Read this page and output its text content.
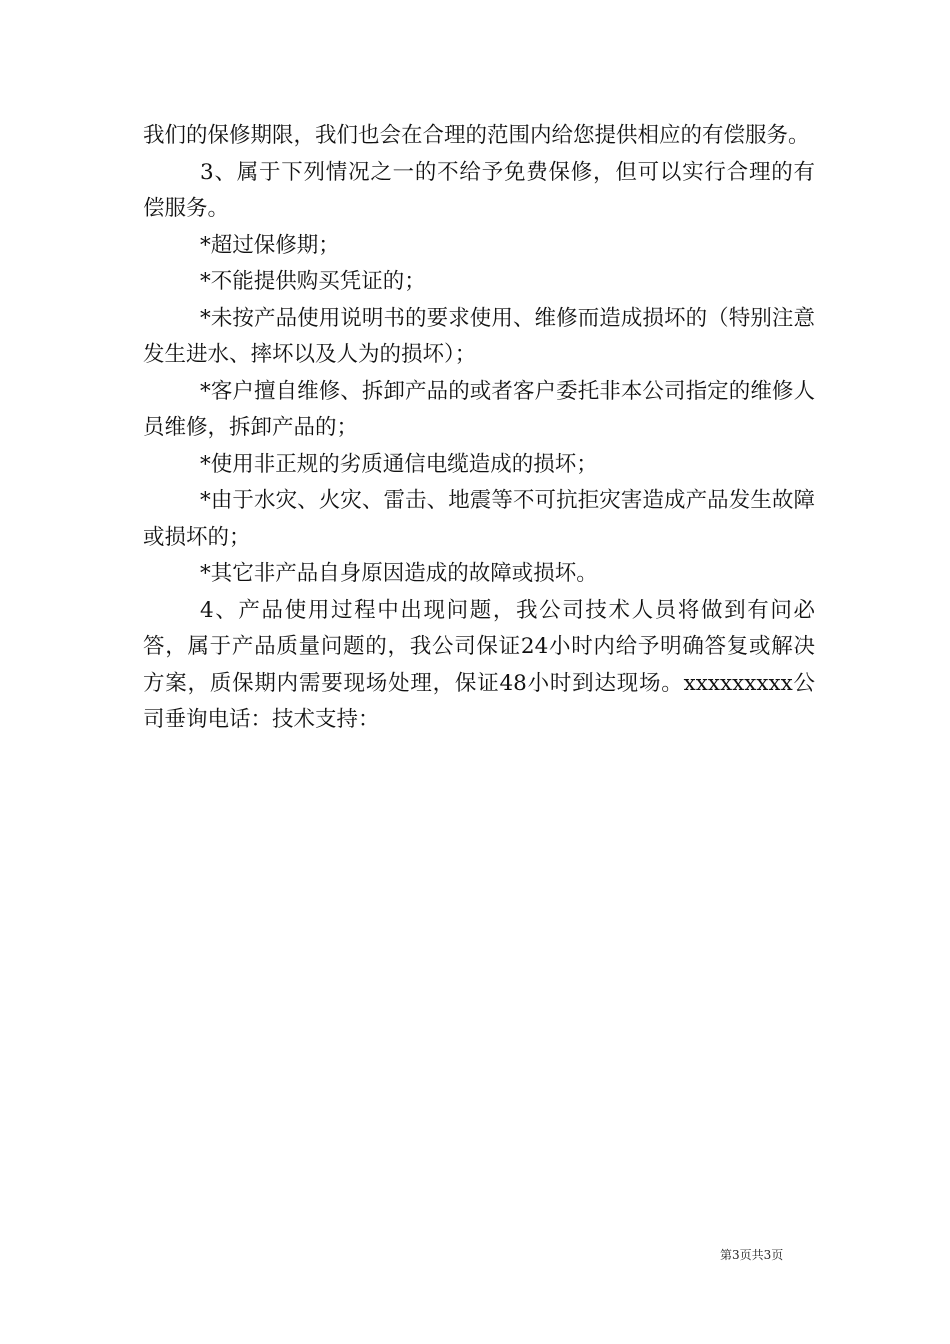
我们的保修期限，我们也会在合理的范围内给您提供相应的有偿服务。

3、属于下列情况之一的不给予免费保修，但可以实行合理的有偿服务。

*超过保修期；

*不能提供购买凭证的；

*未按产品使用说明书的要求使用、维修而造成损坏的（特别注意发生进水、摔坏以及人为的损坏）；

*客户擅自维修、拆卸产品的或者客户委托非本公司指定的维修人员维修，拆卸产品的；

*使用非正规的劣质通信电缆造成的损坏；

*由于水灾、火灾、雷击、地震等不可抗拒灾害造成产品发生故障或损坏的；

*其它非产品自身原因造成的故障或损坏。

4、产品使用过程中出现问题，我公司技术人员将做到有问必答，属于产品质量问题的，我公司保证24小时内给予明确答复或解决方案，质保期内需要现场处理，保证48小时到达现场。xxxxxxxxx公司垂询电话：技术支持：

第3页共3页
